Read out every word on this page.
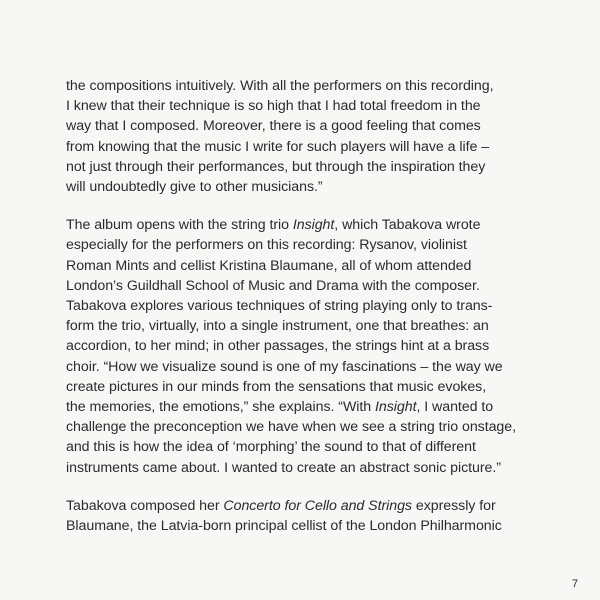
the compositions intuitively. With all the performers on this recording,
I knew that their technique is so high that I had total freedom in the
way that I composed. Moreover, there is a good feeling that comes
from knowing that the music I write for such players will have a life –
not just through their performances, but through the inspiration they
will undoubtedly give to other musicians.”

The album opens with the string trio Insight, which Tabakova wrote
especially for the performers on this recording: Rysanov, violinist
Roman Mints and cellist Kristina Blaumane, all of whom attended
London’s Guildhall School of Music and Drama with the composer.
Tabakova explores various techniques of string playing only to trans-
form the trio, virtually, into a single instrument, one that breathes: an
accordion, to her mind; in other passages, the strings hint at a brass
choir. “How we visualize sound is one of my fascinations – the way we
create pictures in our minds from the sensations that music evokes,
the memories, the emotions,” she explains. “With Insight, I wanted to
challenge the preconception we have when we see a string trio onstage,
and this is how the idea of ‘morphing’ the sound to that of different
instruments came about. I wanted to create an abstract sonic picture.”

Tabakova composed her Concerto for Cello and Strings expressly for
Blaumane, the Latvia-born principal cellist of the London Philharmonic

7
